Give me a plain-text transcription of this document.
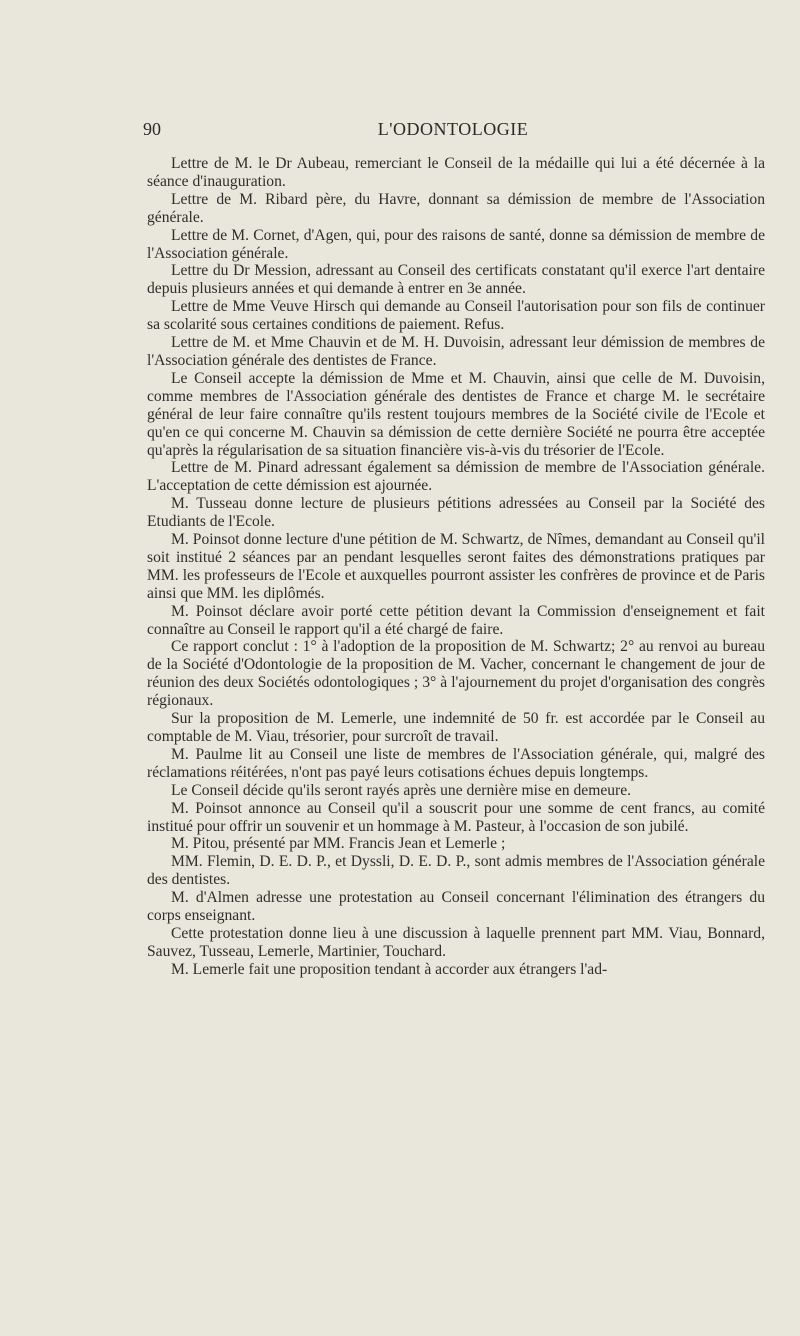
90	L'ODONTOLOGIE

Lettre de M. le Dr Aubeau, remerciant le Conseil de la médaille qui lui a été décernée à la séance d'inauguration.

Lettre de M. Ribard père, du Havre, donnant sa démission de membre de l'Association générale.

Lettre de M. Cornet, d'Agen, qui, pour des raisons de santé, donne sa démission de membre de l'Association générale.

Lettre du Dr Mession, adressant au Conseil des certificats constatant qu'il exerce l'art dentaire depuis plusieurs années et qui demande à entrer en 3e année.

Lettre de Mme Veuve Hirsch qui demande au Conseil l'autorisation pour son fils de continuer sa scolarité sous certaines conditions de paiement. Refus.

Lettre de M. et Mme Chauvin et de M. H. Duvoisin, adressant leur démission de membres de l'Association générale des dentistes de France.

Le Conseil accepte la démission de Mme et M. Chauvin, ainsi que celle de M. Duvoisin, comme membres de l'Association générale des dentistes de France et charge M. le secrétaire général de leur faire connaître qu'ils restent toujours membres de la Société civile de l'Ecole et qu'en ce qui concerne M. Chauvin sa démission de cette dernière Société ne pourra être acceptée qu'après la régularisation de sa situation financière vis-à-vis du trésorier de l'Ecole.

Lettre de M. Pinard adressant également sa démission de membre de l'Association générale. L'acceptation de cette démission est ajournée.

M. Tusseau donne lecture de plusieurs pétitions adressées au Conseil par la Société des Etudiants de l'Ecole.

M. Poinsot donne lecture d'une pétition de M. Schwartz, de Nîmes, demandant au Conseil qu'il soit institué 2 séances par an pendant lesquelles seront faites des démonstrations pratiques par MM. les professeurs de l'Ecole et auxquelles pourront assister les confrères de province et de Paris ainsi que MM. les diplômés.

M. Poinsot déclare avoir porté cette pétition devant la Commission d'enseignement et fait connaître au Conseil le rapport qu'il a été chargé de faire.

Ce rapport conclut : 1° à l'adoption de la proposition de M. Schwartz; 2° au renvoi au bureau de la Société d'Odontologie de la proposition de M. Vacher, concernant le changement de jour de réunion des deux Sociétés odontologiques ; 3° à l'ajournement du projet d'organisation des congrès régionaux.

Sur la proposition de M. Lemerle, une indemnité de 50 fr. est accordée par le Conseil au comptable de M. Viau, trésorier, pour surcroît de travail.

M. Paulme lit au Conseil une liste de membres de l'Association générale, qui, malgré des réclamations réitérées, n'ont pas payé leurs cotisations échues depuis longtemps.

Le Conseil décide qu'ils seront rayés après une dernière mise en demeure.

M. Poinsot annonce au Conseil qu'il a souscrit pour une somme de cent francs, au comité institué pour offrir un souvenir et un hommage à M. Pasteur, à l'occasion de son jubilé.

M. Pitou, présenté par MM. Francis Jean et Lemerle ;

MM. Flemin, D. E. D. P., et Dyssli, D. E. D. P., sont admis membres de l'Association générale des dentistes.

M. d'Almen adresse une protestation au Conseil concernant l'élimination des étrangers du corps enseignant.

Cette protestation donne lieu à une discussion à laquelle prennent part MM. Viau, Bonnard, Sauvez, Tusseau, Lemerle, Martinier, Touchard.

M. Lemerle fait une proposition tendant à accorder aux étrangers l'ad-
